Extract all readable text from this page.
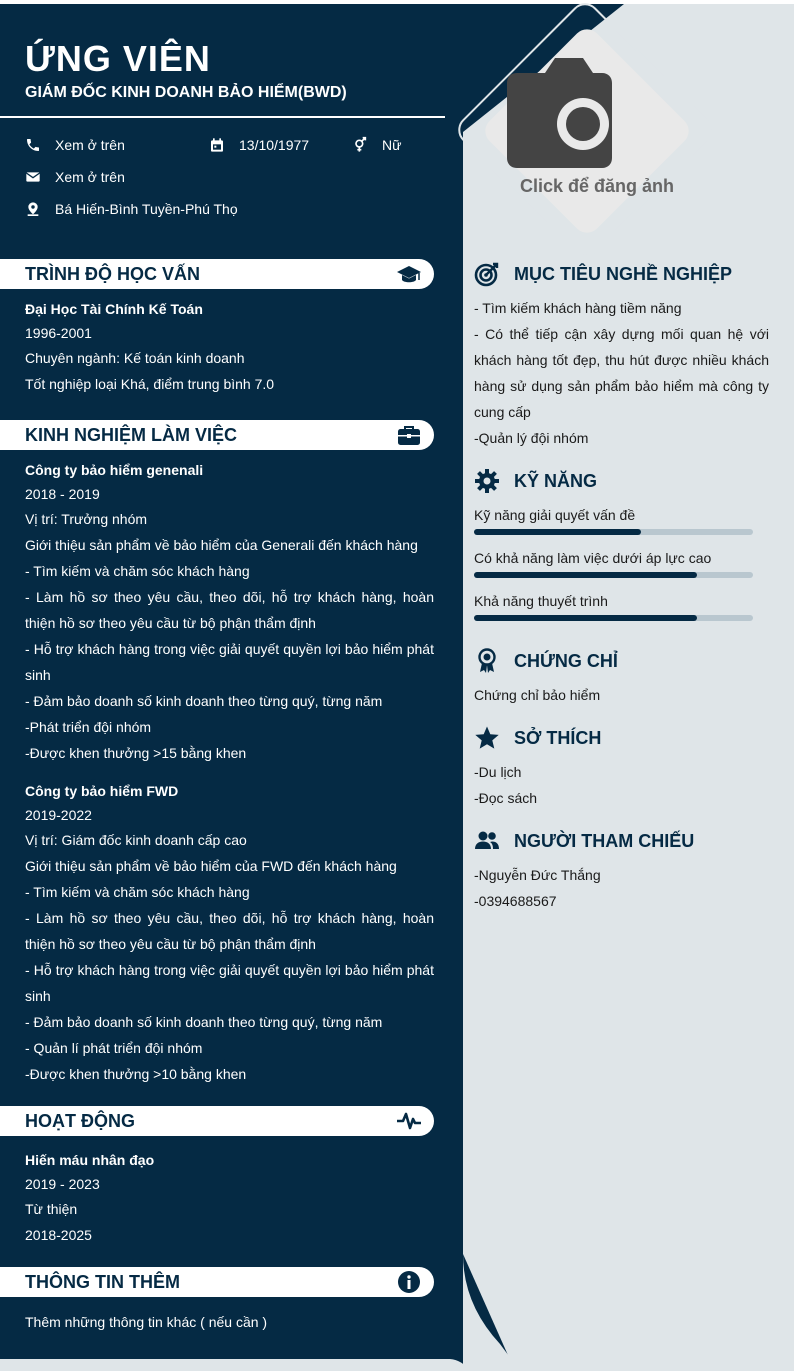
ỨNG VIÊN
GIÁM ĐỐC KINH DOANH BẢO HIỂM(BWD)
Xem ở trên	13/10/1977	Nữ
Xem ở trên
Bá Hiến-Bình Tuyền-Phú Thọ
Click để đăng ảnh
TRÌNH ĐỘ HỌC VẤN
Đại Học Tài Chính Kế Toán
1996-2001
Chuyên ngành: Kế toán kinh doanh
Tốt nghiệp loại Khá, điểm trung bình 7.0
KINH NGHIỆM LÀM VIỆC
Công ty bảo hiểm genenali
2018 - 2019
Vị trí: Trưởng nhóm
Giới thiệu sản phẩm về bảo hiểm của Generali đến khách hàng
- Tìm kiếm và chăm sóc khách hàng
- Làm hồ sơ theo yêu cầu, theo dõi, hỗ trợ khách hàng, hoàn thiện hồ sơ theo yêu cầu từ bộ phận thẩm định
- Hỗ trợ khách hàng trong việc giải quyết quyền lợi bảo hiểm phát sinh
- Đảm bảo doanh số kinh doanh theo từng quý, từng năm
-Phát triển đội nhóm
-Được khen thưởng >15 bằng khen
Công ty bảo hiểm FWD
2019-2022
Vị trí: Giám đốc kinh doanh cấp cao
Giới thiệu sản phẩm về bảo hiểm của FWD đến khách hàng
- Tìm kiếm và chăm sóc khách hàng
- Làm hồ sơ theo yêu cầu, theo dõi, hỗ trợ khách hàng, hoàn thiện hồ sơ theo yêu cầu từ bộ phận thẩm định
- Hỗ trợ khách hàng trong việc giải quyết quyền lợi bảo hiểm phát sinh
- Đảm bảo doanh số kinh doanh theo từng quý, từng năm
- Quản lí phát triển đội nhóm
-Được khen thưởng >10 bằng khen
HOẠT ĐỘNG
Hiến máu nhân đạo
2019 - 2023
Từ thiện
2018-2025
THÔNG TIN THÊM
Thêm những thông tin khác ( nếu cần )
MỤC TIÊU NGHỀ NGHIỆP
- Tìm kiếm khách hàng tiềm năng
- Có thể tiếp cận xây dựng mối quan hệ với khách hàng tốt đẹp, thu hút được nhiều khách hàng sử dụng sản phẩm bảo hiểm mà công ty cung cấp
-Quản lý đội nhóm
KỸ NĂNG
Kỹ năng giải quyết vấn đề
Có khả năng làm việc dưới áp lực cao
Khả năng thuyết trình
CHỨNG CHỈ
Chứng chỉ bảo hiểm
SỞ THÍCH
-Du lịch
-Đọc sách
NGƯỜI THAM CHIẾU
-Nguyễn Đức Thắng
-0394688567
